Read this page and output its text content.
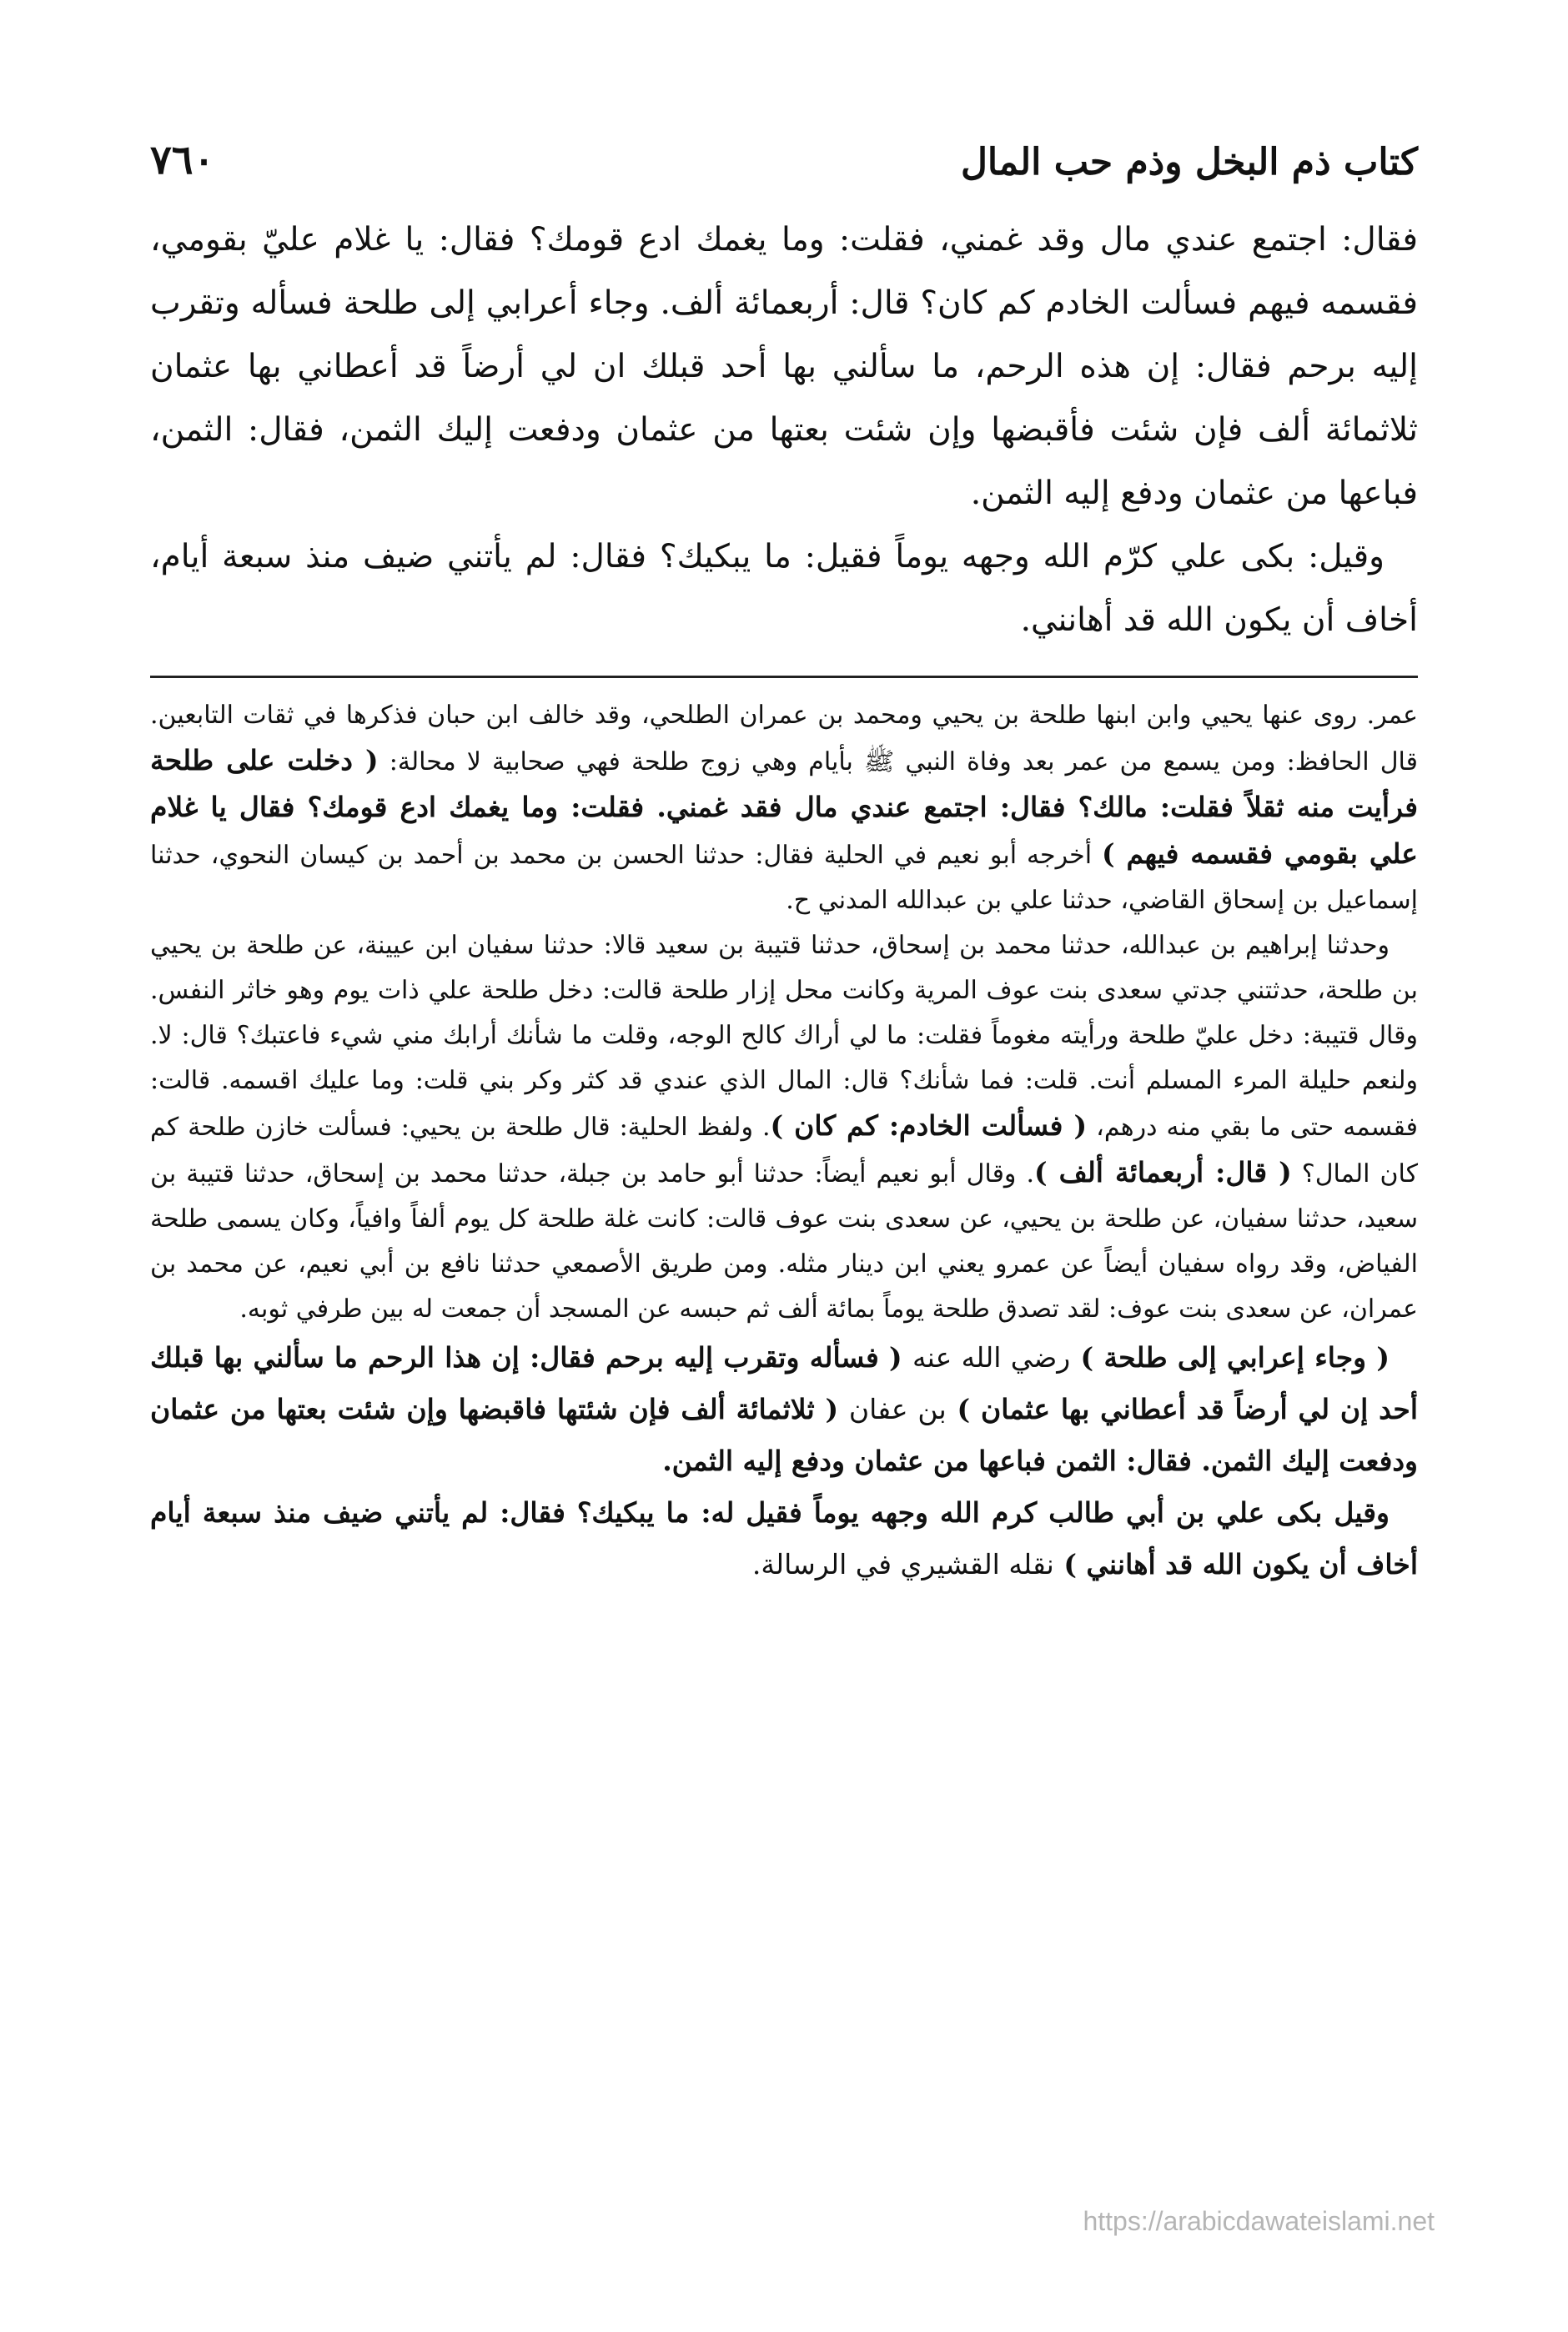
كتاب ذم البخل وذم حب المال
٧٦٠

فقال: اجتمع عندي مال وقد غمني، فقلت: وما يغمك ادع قومك؟ فقال: يا غلام عليّ بقومي، فقسمه فيهم فسألت الخادم كم كان؟ قال: أربعمائة ألف. وجاء أعرابي إلى طلحة فسأله وتقرب إليه برحم فقال: إن هذه الرحم، ما سألني بها أحد قبلك ان لي أرضاً قد أعطاني بها عثمان ثلاثمائة ألف فإن شئت فأقبضها وإن شئت بعتها من عثمان ودفعت إليك الثمن، فقال: الثمن، فباعها من عثمان ودفع إليه الثمن.

وقيل: بكى علي كرّم الله وجهه يوماً فقيل: ما يبكيك؟ فقال: لم يأتني ضيف منذ سبعة أيام، أخاف أن يكون الله قد أهانني.

عمر. روى عنها يحيي وابن ابنها طلحة بن يحيي ومحمد بن عمران الطلحي، وقد خالف ابن حبان فذكرها في ثقات التابعين. قال الحافظ: ومن يسمع من عمر بعد وفاة النبي ﷺ بأيام وهي زوج طلحة فهي صحابية لا محالة: ( دخلت على طلحة فرأيت منه ثقلاً فقلت: مالك؟ فقال: اجتمع عندي مال فقد غمني. فقلت: وما يغمك ادع قومك؟ فقال يا غلام علي بقومي فقسمه فيهم ) أخرجه أبو نعيم في الحلية فقال: حدثنا الحسن بن محمد بن أحمد بن كيسان النحوي، حدثنا إسماعيل بن إسحاق القاضي، حدثنا علي بن عبدالله المدني ح.

وحدثنا إبراهيم بن عبدالله، حدثنا محمد بن إسحاق، حدثنا قتيبة بن سعيد قالا: حدثنا سفيان ابن عيينة، عن طلحة بن يحيي بن طلحة، حدثتني جدتي سعدى بنت عوف المرية وكانت محل إزار طلحة قالت: دخل طلحة علي ذات يوم وهو خاثر النفس. وقال قتيبة: دخل عليّ طلحة ورأيته مغوماً فقلت: ما لي أراك كالح الوجه، وقلت ما شأنك أرابك مني شيء فاعتبك؟ قال: لا. ولنعم حليلة المرء المسلم أنت. قلت: فما شأنك؟ قال: المال الذي عندي قد كثر وكر بني قلت: وما عليك اقسمه. قالت: فقسمه حتى ما بقي منه درهم، ( فسألت الخادم: كم كان ). ولفظ الحلية: قال طلحة بن يحيي: فسألت خازن طلحة كم كان المال؟ ( قال: أربعمائة ألف ). وقال أبو نعيم أيضاً: حدثنا أبو حامد بن جبلة، حدثنا محمد بن إسحاق، حدثنا قتيبة بن سعيد، حدثنا سفيان، عن طلحة بن يحيي، عن سعدى بنت عوف قالت: كانت غلة طلحة كل يوم ألفاً وافياً، وكان يسمى طلحة الفياض، وقد رواه سفيان أيضاً عن عمرو يعني ابن دينار مثله. ومن طريق الأصمعي حدثنا نافع بن أبي نعيم، عن محمد بن عمران، عن سعدى بنت عوف: لقد تصدق طلحة يوماً بمائة ألف ثم حبسه عن المسجد أن جمعت له بين طرفي ثوبه.

( وجاء إعرابي إلى طلحة ) رضي الله عنه ( فسأله وتقرب إليه برحم فقال: إن هذا الرحم ما سألني بها قبلك أحد إن لي أرضاً قد أعطاني بها عثمان ) بن عفان ( ثلاثمائة ألف فإن شئتها فاقبضها وإن شئت بعتها من عثمان ودفعت إليك الثمن. فقال: الثمن فباعها من عثمان ودفع إليه الثمن.

وقيل بكى علي بن أبي طالب كرم الله وجهه يوماً فقيل له: ما يبكيك؟ فقال: لم يأتني ضيف منذ سبعة أيام أخاف أن يكون الله قد أهانني ) نقله القشيري في الرسالة.

https://arabicdawateislami.net
